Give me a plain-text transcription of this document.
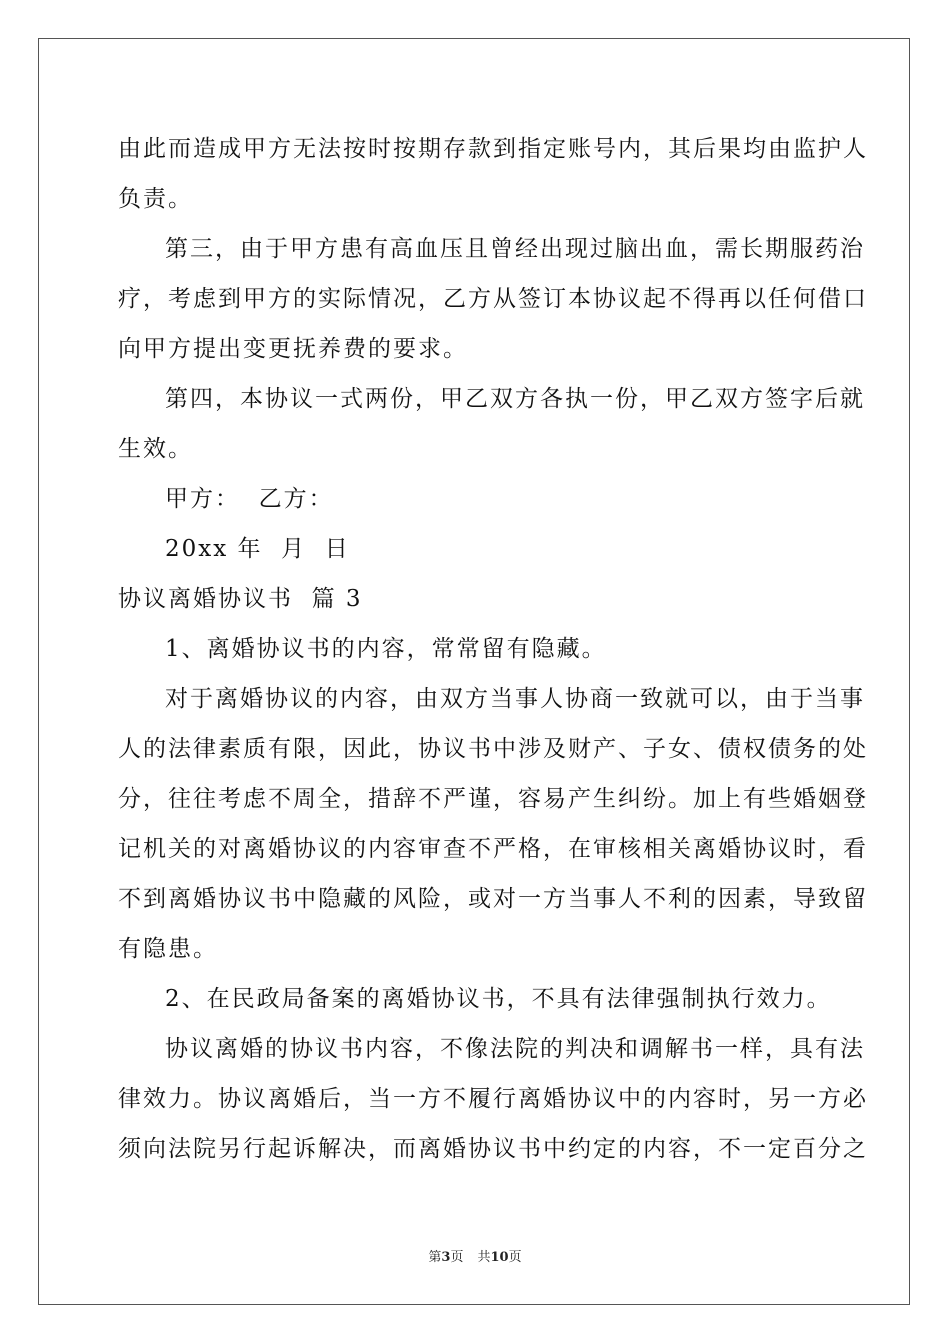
由此而造成甲方无法按时按期存款到指定账号内，其后果均由监护人
负责。
第三，由于甲方患有高血压且曾经出现过脑出血，需长期服药治
疗，考虑到甲方的实际情况，乙方从签订本协议起不得再以任何借口
向甲方提出变更抚养费的要求。
第四，本协议一式两份，甲乙双方各执一份，甲乙双方签字后就
生效。
甲方：  乙方：
20xx 年  月  日
协议离婚协议书  篇 3
1、离婚协议书的内容，常常留有隐藏。
对于离婚协议的内容，由双方当事人协商一致就可以，由于当事
人的法律素质有限，因此，协议书中涉及财产、子女、债权债务的处
分，往往考虑不周全，措辞不严谨，容易产生纠纷。加上有些婚姻登
记机关的对离婚协议的内容审查不严格，在审核相关离婚协议时，看
不到离婚协议书中隐藏的风险，或对一方当事人不利的因素，导致留
有隐患。
2、在民政局备案的离婚协议书，不具有法律强制执行效力。
协议离婚的协议书内容，不像法院的判决和调解书一样，具有法
律效力。协议离婚后，当一方不履行离婚协议中的内容时，另一方必
须向法院另行起诉解决，而离婚协议书中约定的内容，不一定百分之
第3页 共10页
